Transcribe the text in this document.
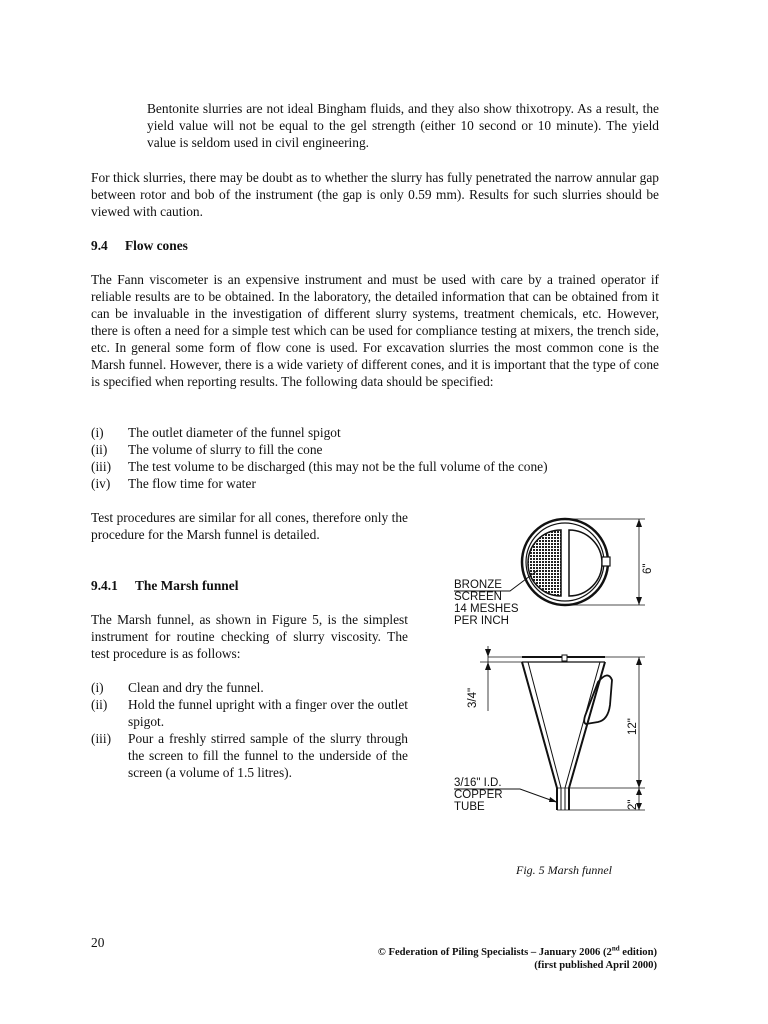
Bentonite slurries are not ideal Bingham fluids, and they also show thixotropy. As a result, the yield value will not be equal to the gel strength (either 10 second or 10 minute). The yield value is seldom used in civil engineering.

For thick slurries, there may be doubt as to whether the slurry has fully penetrated the narrow annular gap between rotor and bob of the instrument (the gap is only 0.59 mm). Results for such slurries should be viewed with caution.

9.4 Flow cones

The Fann viscometer is an expensive instrument and must be used with care by a trained operator if reliable results are to be obtained. In the laboratory, the detailed information that can be obtained from it can be invaluable in the investigation of different slurry systems, treatment chemicals, etc. However, there is often a need for a simple test which can be used for compliance testing at mixers, the trench side, etc. In general some form of flow cone is used. For excavation slurries the most common cone is the Marsh funnel. However, there is a wide variety of different cones, and it is important that the type of cone is specified when reporting results. The following data should be specified:

(i)	The outlet diameter of the funnel spigot
(ii)	The volume of slurry to fill the cone
(iii)	The test volume to be discharged (this may not be the full volume of the cone)
(iv)	The flow time for water

Test procedures are similar for all cones, therefore only the procedure for the Marsh funnel is detailed.

9.4.1 The Marsh funnel

The Marsh funnel, as shown in Figure 5, is the simplest instrument for routine checking of slurry viscosity. The test procedure is as follows:

(i)	Clean and dry the funnel.
(ii)	Hold the funnel upright with a finger over the outlet spigot.
(iii)	Pour a freshly stirred sample of the slurry through the screen to fill the funnel to the underside of the screen (a volume of 1.5 litres).
6"
BRONZE
SCREEN
14 MESHES
PER INCH
3/4"
12"
2"
3/16" I.D.
COPPER
TUBE
Fig. 5 Marsh funnel
20
© Federation of Piling Specialists – January 2006 (2nd edition)
(first published April 2000)
